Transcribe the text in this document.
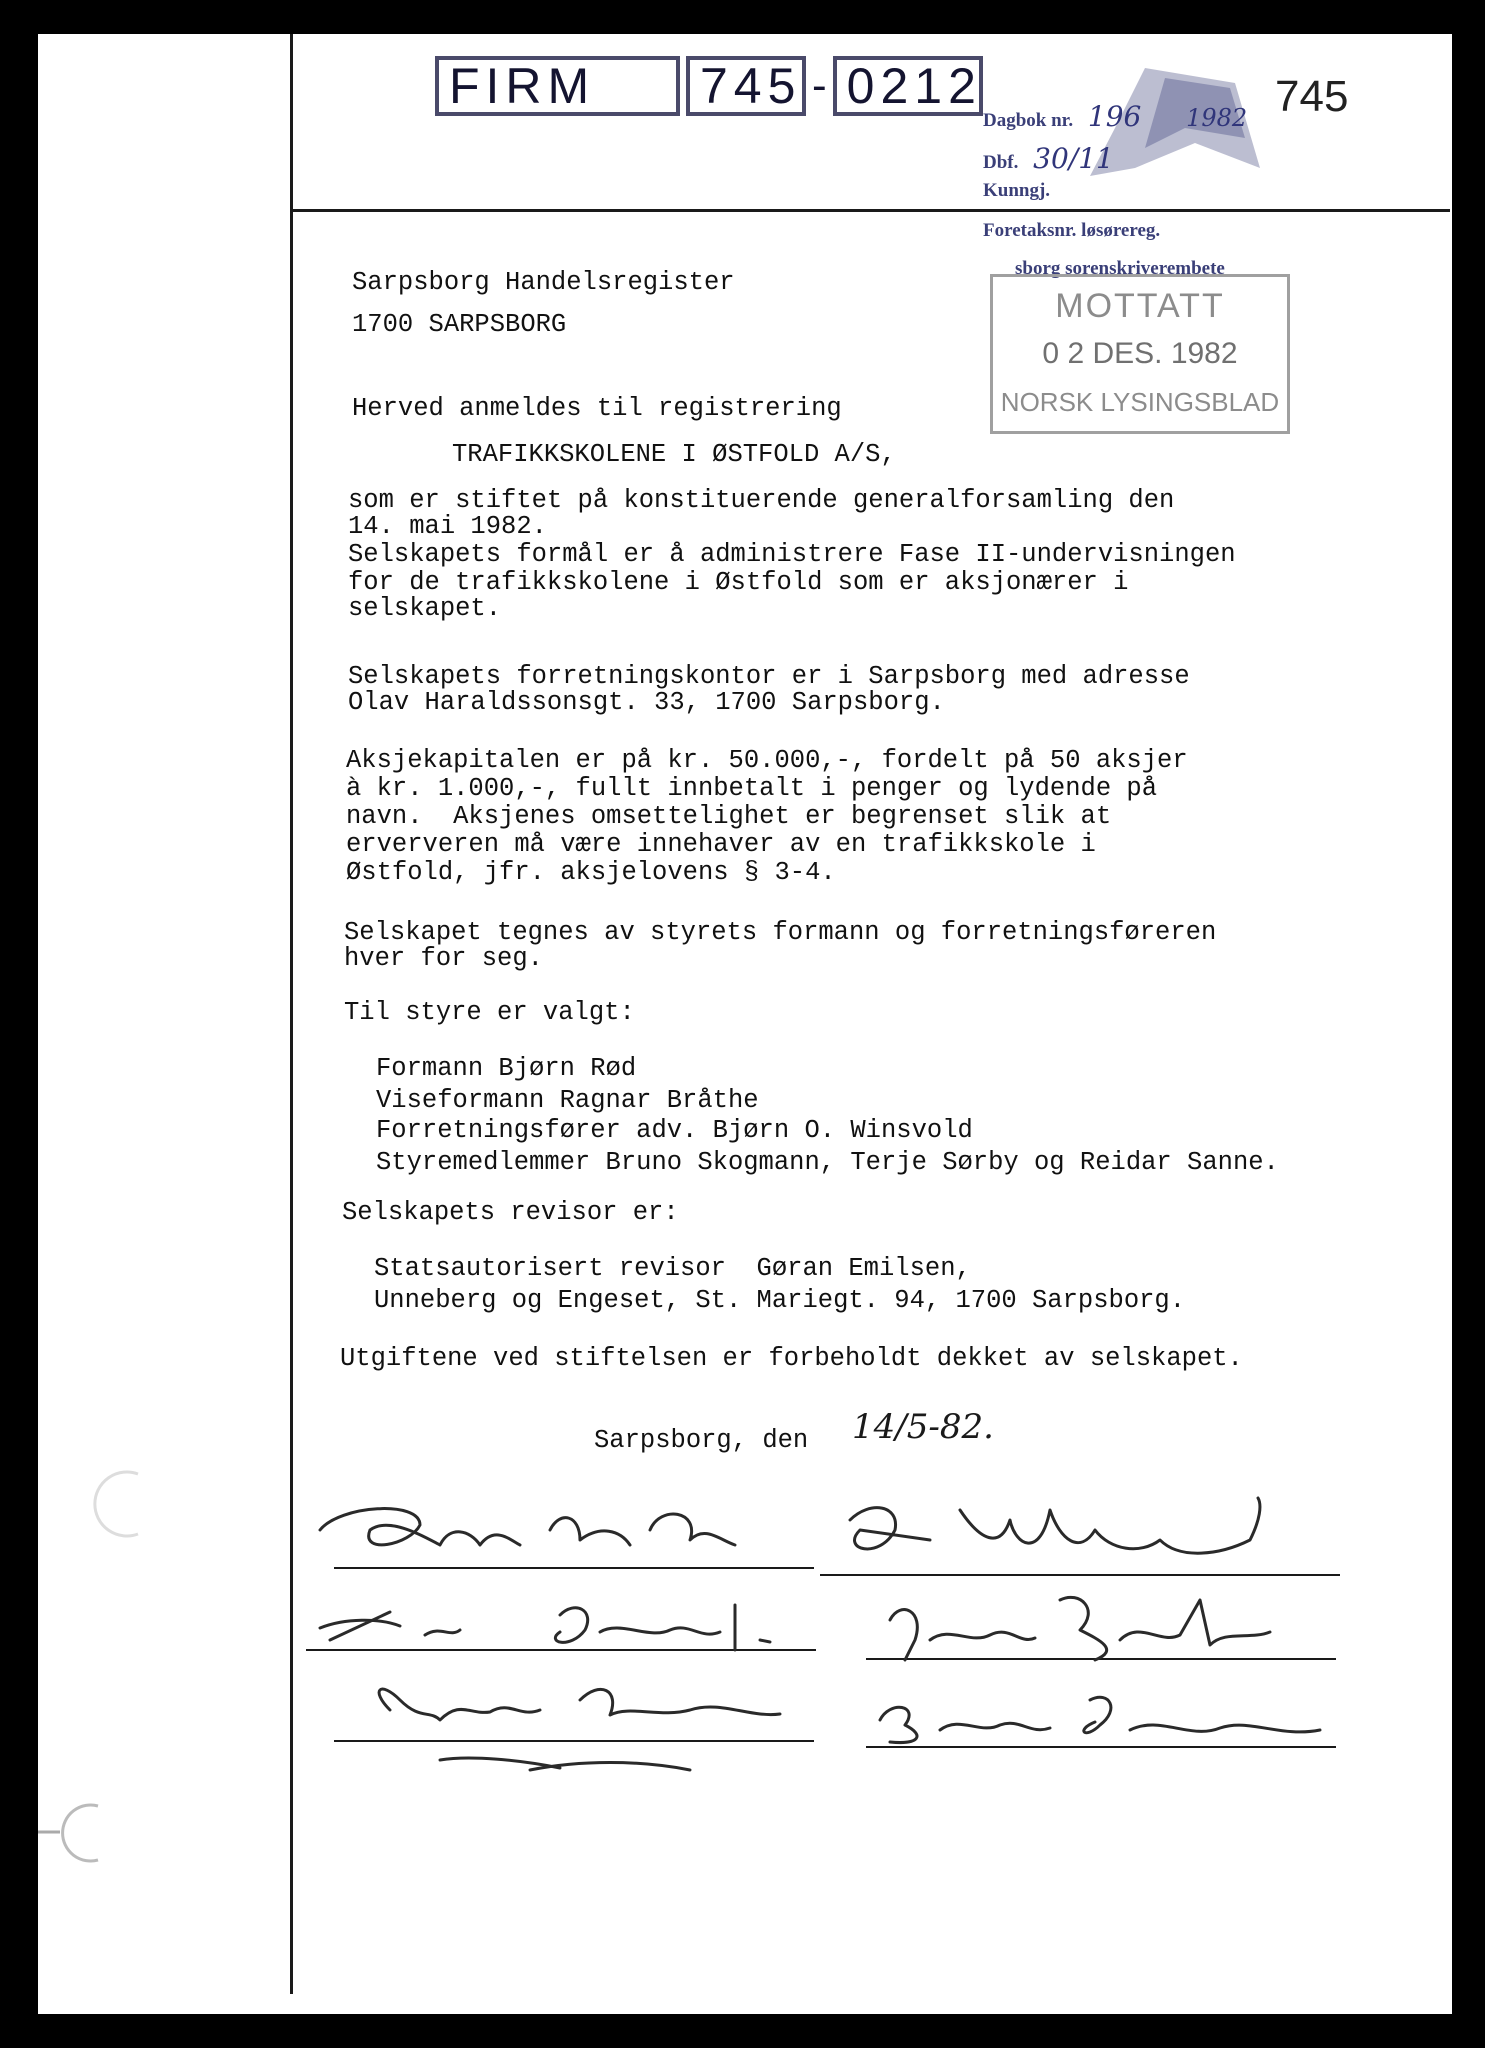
FIRM	745 - 0212
Dagbok nr. 196 1982
Dbf. 30/11
Kunngj.
Foretaksnr. løsørereg.
sborg sorenskriverembete
745
MOTTATT
0 2 DES. 1982
NORSK LYSINGSBLAD
Sarpsborg Handelsregister
1700 SARPSBORG
Herved anmeldes til registrering
TRAFIKKSKOLENE I ØSTFOLD A/S,
som er stiftet på konstituerende generalforsamling den
14. mai 1982.
Selskapets formål er å administrere Fase II-undervisningen
for de trafikkskolene i Østfold som er aksjonærer i
selskapet.
Selskapets forretningskontor er i Sarpsborg med adresse
Olav Haraldssonsgt. 33, 1700 Sarpsborg.
Aksjekapitalen er på kr. 50.000,-, fordelt på 50 aksjer
à kr. 1.000,-, fullt innbetalt i penger og lydende på
navn.  Aksjenes omsettelighet er begrenset slik at
erververen må være innehaver av en trafikkskole i
Østfold, jfr. aksjelovens § 3-4.
Selskapet tegnes av styrets formann og forretningsføreren
hver for seg.
Til styre er valgt:
Formann Bjørn Rød
Viseformann Ragnar Bråthe
Forretningsfører adv. Bjørn O. Winsvold
Styremedlemmer Bruno Skogmann, Terje Sørby og Reidar Sanne.
Selskapets revisor er:
Statsautorisert revisor  Gøran Emilsen,
Unneberg og Engeset, St. Mariegt. 94, 1700 Sarpsborg.
Utgiftene ved stiftelsen er forbeholdt dekket av selskapet.
Sarpsborg, den 14/5-82.
